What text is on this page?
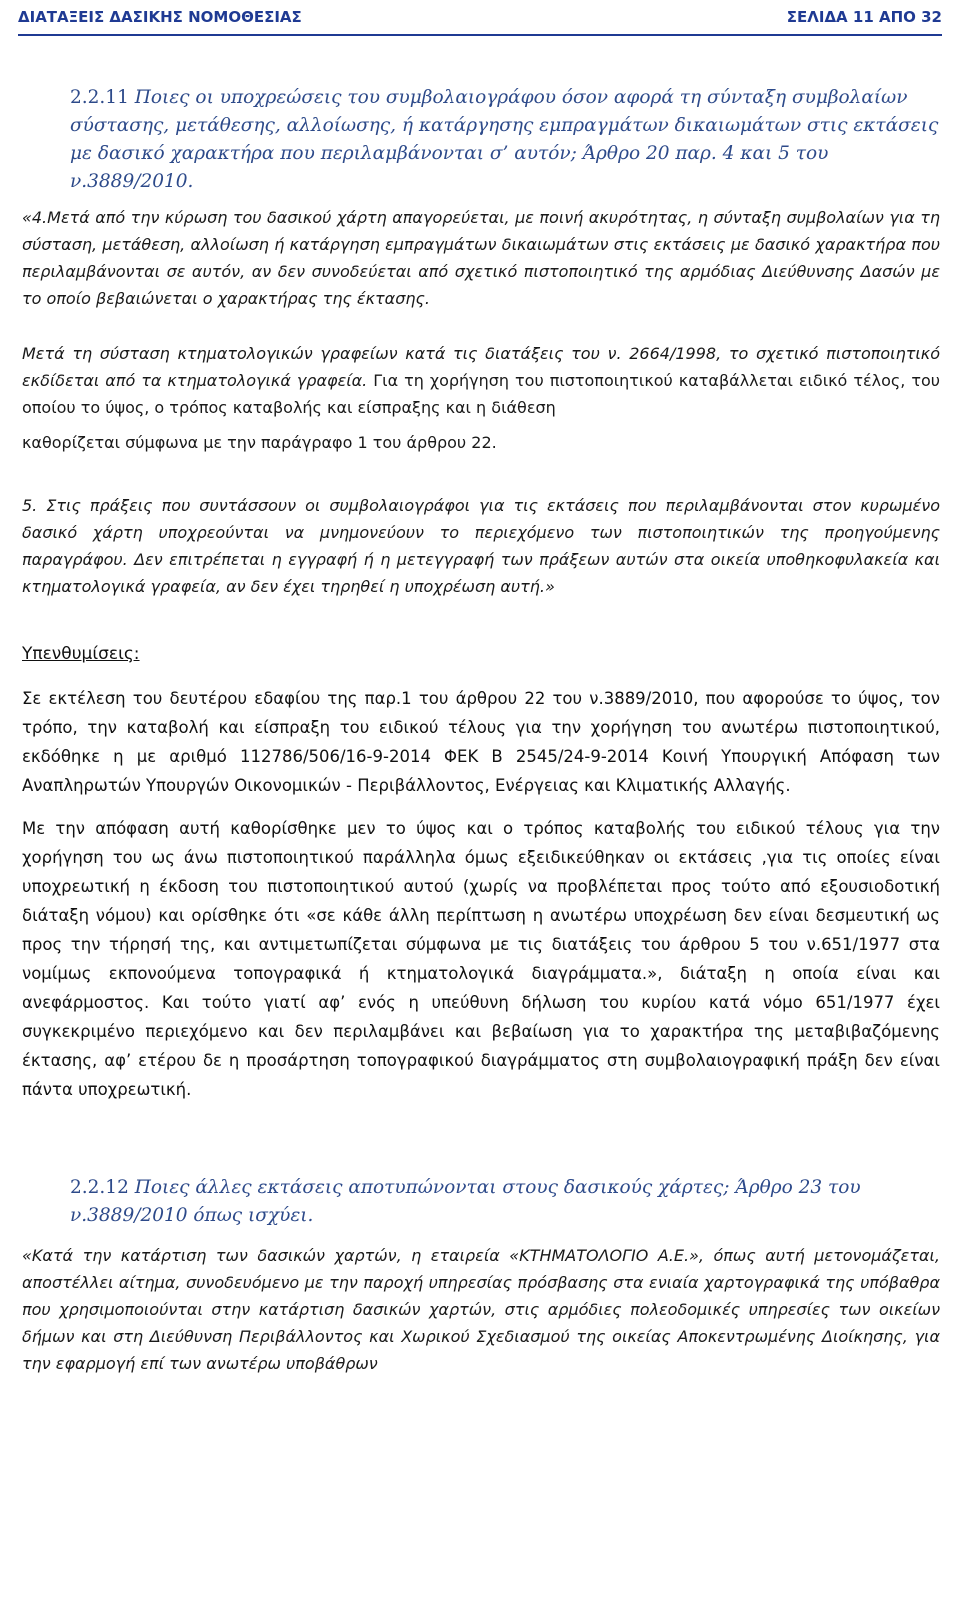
ΔΙΑΤΑΞΕΙΣ ΔΑΣΙΚΗΣ ΝΟΜΟΘΕΣΙΑΣ	ΣΕΛΙΔΑ 11 ΑΠΟ 32

2.2.11 Ποιες οι υποχρεώσεις του συμβολαιογράφου όσον αφορά τη σύνταξη συμβολαίων σύστασης, μετάθεσης, αλλοίωσης, ή κατάργησης εμπραγμάτων δικαιωμάτων στις εκτάσεις με δασικό χαρακτήρα που περιλαμβάνονται σ’ αυτόν; Άρθρο 20 παρ. 4 και 5 του ν.3889/2010.

«4.Μετά από την κύρωση του δασικού χάρτη απαγορεύεται, με ποινή ακυρότητας, η σύνταξη συμβολαίων για τη σύσταση, μετάθεση, αλλοίωση ή κατάργηση εμπραγμάτων δικαιωμάτων στις εκτάσεις με δασικό χαρακτήρα που περιλαμβάνονται σε αυτόν, αν δεν συνοδεύεται από σχετικό πιστοποιητικό της αρμόδιας Διεύθυνσης Δασών με το οποίο βεβαιώνεται ο χαρακτήρας της έκτασης.

Μετά τη σύσταση κτηματολογικών γραφείων κατά τις διατάξεις του ν. 2664/1998, το σχετικό πιστοποιητικό εκδίδεται από τα κτηματολογικά γραφεία. Για τη χορήγηση του πιστοποιητικού καταβάλλεται ειδικό τέλος, του οποίου το ύψος, ο τρόπος καταβολής και είσπραξης και η διάθεση

καθορίζεται σύμφωνα με την παράγραφο 1 του άρθρου 22.

5. Στις πράξεις που συντάσσουν οι συμβολαιογράφοι για τις εκτάσεις που περιλαμβάνονται στον κυρωμένο δασικό χάρτη υποχρεούνται να μνημονεύουν το περιεχόμενο των πιστοποιητικών της προηγούμενης παραγράφου. Δεν επιτρέπεται η εγγραφή ή η μετεγγραφή των πράξεων αυτών στα οικεία υποθηκοφυλακεία και κτηματολογικά γραφεία, αν δεν έχει τηρηθεί η υποχρέωση αυτή.»

Υπενθυμίσεις:

Σε εκτέλεση του δευτέρου εδαφίου της παρ.1 του άρθρου 22 του ν.3889/2010, που αφορούσε το ύψος, τον τρόπο, την καταβολή και είσπραξη του ειδικού τέλους για την χορήγηση του ανωτέρω πιστοποιητικού, εκδόθηκε η με αριθμό 112786/506/16-9-2014 ΦΕΚ Β 2545/24-9-2014 Κοινή Υπουργική Απόφαση των Αναπληρωτών Υπουργών Οικονομικών - Περιβάλλοντος, Ενέργειας και Κλιματικής Αλλαγής.

Με την απόφαση αυτή καθορίσθηκε μεν το ύψος και ο τρόπος καταβολής του ειδικού τέλους για την χορήγηση του ως άνω πιστοποιητικού παράλληλα όμως εξειδικεύθηκαν οι εκτάσεις ,για τις οποίες είναι υποχρεωτική η έκδοση του πιστοποιητικού αυτού (χωρίς να προβλέπεται προς τούτο από εξουσιοδοτική διάταξη νόμου) και ορίσθηκε ότι «σε κάθε άλλη περίπτωση η ανωτέρω υποχρέωση δεν είναι δεσμευτική ως προς την τήρησή της, και αντιμετωπίζεται σύμφωνα με τις διατάξεις του άρθρου 5 του ν.651/1977 στα νομίμως εκπονούμενα τοπογραφικά ή κτηματολογικά διαγράμματα.», διάταξη η οποία είναι και ανεφάρμοστος. Και τούτο γιατί αφ’ ενός η υπεύθυνη δήλωση του κυρίου κατά νόμο 651/1977 έχει συγκεκριμένο περιεχόμενο και δεν περιλαμβάνει και βεβαίωση για το χαρακτήρα της μεταβιβαζόμενης έκτασης, αφ’ ετέρου δε η προσάρτηση τοπογραφικού διαγράμματος στη συμβολαιογραφική πράξη δεν είναι πάντα υποχρεωτική.

2.2.12 Ποιες άλλες εκτάσεις αποτυπώνονται στους δασικούς χάρτες; Άρθρο 23 του ν.3889/2010 όπως ισχύει.

«Κατά την κατάρτιση των δασικών χαρτών, η εταιρεία «ΚΤΗΜΑΤΟΛΟΓΙΟ Α.Ε.», όπως αυτή μετονομάζεται, αποστέλλει αίτημα, συνοδευόμενο με την παροχή υπηρεσίας πρόσβασης στα ενιαία χαρτογραφικά της υπόβαθρα που χρησιμοποιούνται στην κατάρτιση δασικών χαρτών, στις αρμόδιες πολεοδομικές υπηρεσίες των οικείων δήμων και στη Διεύθυνση Περιβάλλοντος και Χωρικού Σχεδιασμού της οικείας Αποκεντρωμένης Διοίκησης, για την εφαρμογή επί των ανωτέρω υποβάθρων
